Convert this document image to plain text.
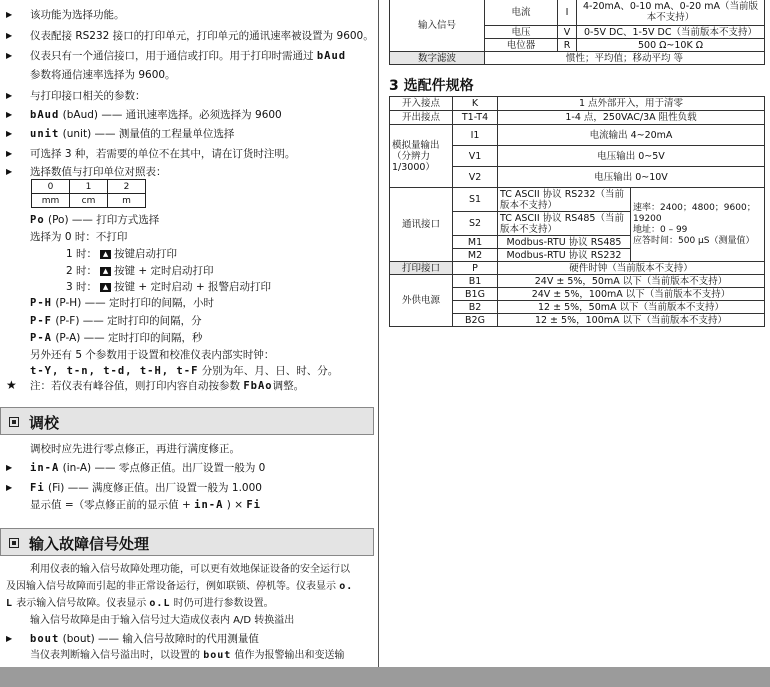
▶ 该功能为选择功能。
▶ 仪表配接 RS232 接口的打印单元，打印单元的通讯速率被设置为 9600。
▶ 仪表只有一个通信接口，用于通信或打印。用于打印时需通过 bAud
参数将通信速率选择为 9600。
▶ 与打印接口相关的参数：
▶ bAud (bAud) —— 通讯速率选择。必须选择为 9600
▶ unit (unit) —— 测量值的工程量单位选择
▶ 可选择 3 种，若需要的单位不在其中，请在订货时注明。
▶ 选择数值与打印单位对照表：
0	1	2
mm	cm	m
Po (Po) —— 打印方式选择
选择为 0 时：不打印
1 时： ▲ 按键启动打印
2 时： ▲ 按键 + 定时启动打印
3 时： ▲ 按键 + 定时启动 + 报警启动打印
P-H (P-H) —— 定时打印的间隔，小时
P-F (P-F) —— 定时打印的间隔，分
P-A (P-A) —— 定时打印的间隔，秒
另外还有 5 个参数用于设置和校准仪表内部实时钟：
t-Y, t-n, t-d, t-H, t-F 分别为年、月、日、时、分。
★ 注：若仪表有峰谷值，则打印内容自动按参数 FbAo调整。
调校
调校时应先进行零点修正，再进行满度修正。
▶ in-A (in-A) —— 零点修正值。出厂设置一般为 0
▶ Fi (Fi) —— 满度修正值。出厂设置一般为 1.000
显示值 =（零点修正前的显示值 + in-A ) × Fi
输入故障信号处理
利用仪表的输入信号故障处理功能，可以更有效地保证设备的安全运行以
及因输入信号故障而引起的非正常设备运行，例如联锁、停机等。仪表显示 o.
L 表示输入信号故障。仪表显示 o.L 时仍可进行参数设置。
输入信号故障是由于输入信号过大造成仪表内 A/D 转换溢出
▶ bout (bout) —— 输入信号故障时的代用测量值
当仪表判断输入信号溢出时，以设置的 bout 值作为报警输出和变送输
输入信号	电流	I	4-20mA、0-10 mA、0-20 mA（当前版本不支持）
	电压	V	0-5V DC、1-5V DC（当前版本不支持）
	电位器	R	500 Ω~10K Ω
数字滤波	惯性；平均值；移动平均 等		
3 选配件规格
开入接点	K	1 点外部开入，用于清零	
开出接点	T1-T4	1-4 点，250VAC/3A 阻性负载	
模拟量输出（分辨力 1/3000）	I1	电流输出 4~20mA	
	V1	电压输出 0~5V	
	V2	电压输出 0~10V	
通讯接口	S1	TC ASCII 协议 RS232（当前版本不支持）	速率：2400；4800；9600；19200
地址：0 – 99
应答时间：500 μS（测量值）

	S2	TC ASCII 协议 RS485（当前版本不支持）	
	M1	Modbus-RTU 协议 RS485	
	M2	Modbus-RTU 协议 RS232	
打印接口	P	硬件时钟（当前版本不支持）	
外供电源	B1	24V ± 5%，50mA 以下（当前版本不支持）	
	B1G	24V ± 5%，100mA 以下（当前版本不支持）	
	B2	12 ± 5%，50mA 以下（当前版本不支持）	
	B2G	12 ± 5%，100mA 以下（当前版本不支持）	
